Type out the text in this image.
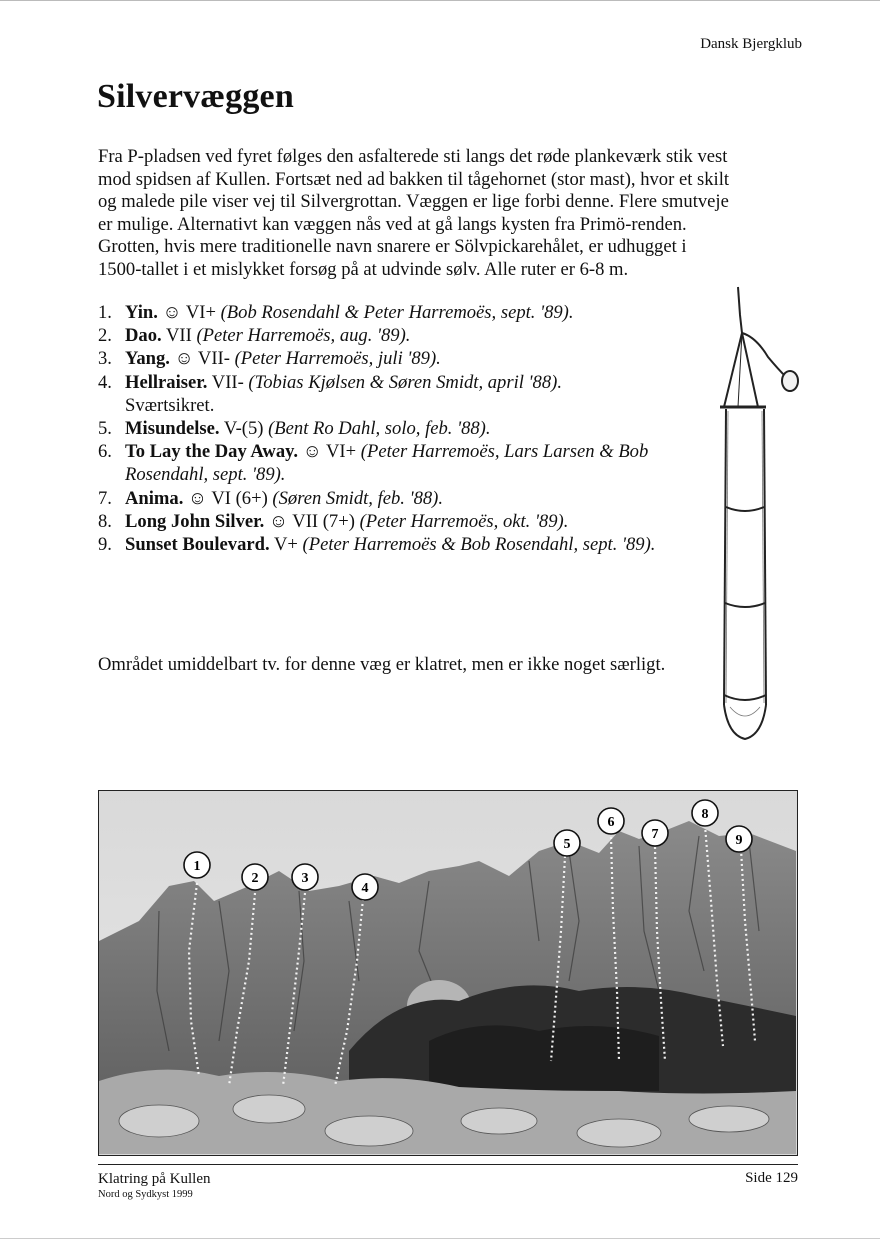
Dansk Bjergklub
Silvervæggen

Fra P-pladsen ved fyret følges den asfalterede sti langs det røde plankeværk stik vest
mod spidsen af Kullen. Fortsæt ned ad bakken til tågehornet (stor mast), hvor et skilt
og malede pile viser vej til Silvergrottan. Væggen er lige forbi denne. Flere smutveje
er mulige. Alternativt kan væggen nås ved at gå langs kysten fra Primö-renden.
Grotten, hvis mere traditionelle navn snarere er Sölvpickarehålet, er udhugget i
1500-tallet i et mislykket forsøg på at udvinde sølv. Alle ruter er 6-8 m.

1. Yin. ☺ VI+ (Bob Rosendahl & Peter Harremoës, sept. '89).
2. Dao. VII (Peter Harremoës, aug. '89).
3. Yang. ☺ VII- (Peter Harremoës, juli '89).
4. Hellraiser. VII- (Tobias Kjølsen & Søren Smidt, april '88).
Sværtsikret.
5. Misundelse. V-(5) (Bent Ro Dahl, solo, feb. '88).
6. To Lay the Day Away. ☺ VI+ (Peter Harremoës, Lars Larsen & Bob Rosendahl, sept. '89).
7. Anima. ☺ VI (6+) (Søren Smidt, feb. '88).
8. Long John Silver. ☺ VII (7+) (Peter Harremoës, okt. '89).
9. Sunset Boulevard. V+ (Peter Harremoës & Bob Rosendahl, sept. '89).

Området umiddelbart tv. for denne væg er klatret, men er ikke noget særligt.

1
2	3
4
5
6
7
8
9
Klatring på Kullen
Nord og Sydkyst 1999
Side 129
